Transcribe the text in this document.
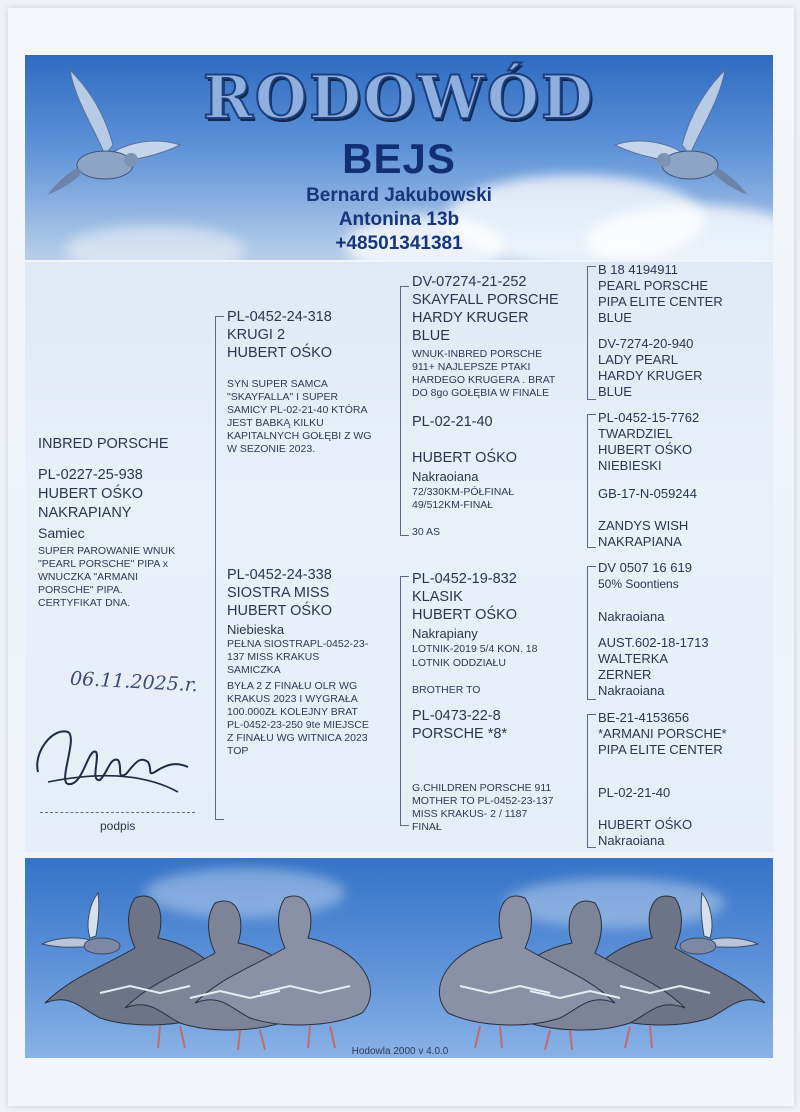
RODOWÓD
BEJS
Bernard Jakubowski
Antonina 13b
+48501341381
INBRED PORSCHE
PL-0227-25-938
HUBERT OŚKO
NAKRAPIANY
Samiec
SUPER PAROWANIE WNUK
"PEARL PORSCHE" PIPA x
WNUCZKA "ARMANI
PORSCHE" PIPA.
CERTYFIKAT DNA.
06.11.2025.r.
podpis
PL-0452-24-318
KRUGI 2
HUBERT OŚKO
SYN SUPER SAMCA
"SKAYFALLA" I SUPER
SAMICY PL-02-21-40 KTÓRA
JEST BABKĄ KILKU
KAPITALNYCH GOŁĘBI Z WG
W SEZONIE 2023.
PL-0452-24-338
SIOSTRA MISS
HUBERT OŚKO
Niebieska
PEŁNA SIOSTRAPL-0452-23-
137 MISS KRAKUS
SAMICZKA
BYŁA 2 Z FINAŁU OLR WG
KRAKUS 2023 I WYGRAŁA
100.000ZŁ KOLEJNY BRAT
PL-0452-23-250 9te MIEJSCE
Z FINAŁU WG WITNICA 2023
TOP
DV-07274-21-252
SKAYFALL PORSCHE
HARDY KRUGER
BLUE
WNUK-INBRED PORSCHE
911+ NAJLEPSZE PTAKI
HARDEGO KRUGERA . BRAT
DO 8go GOŁĘBIA W FINALE
PL-02-21-40
HUBERT OŚKO
Nakraoiana
72/330KM-PÓŁFINAŁ
49/512KM-FINAŁ
30 AS
PL-0452-19-832
KLASIK
HUBERT OŚKO
Nakrapiany
LOTNIK-2019 5/4 KON. 18
LOTNIK ODDZIAŁU
BROTHER TO
PL-0473-22-8
PORSCHE *8*
G.CHILDREN PORSCHE 911
MOTHER TO PL-0452-23-137
MISS KRAKUS- 2 / 1187
FINAŁ
B 18 4194911
PEARL PORSCHE
PIPA ELITE CENTER
BLUE
DV-7274-20-940
LADY PEARL
HARDY KRUGER
BLUE
PL-0452-15-7762
TWARDZIEL
HUBERT OŚKO
NIEBIESKI
GB-17-N-059244
ZANDYS WISH
NAKRAPIANA
DV 0507 16 619
50% Soontiens
Nakraoiana
AUST.602-18-1713
WALTERKA
ZERNER
Nakraoiana
BE-21-4153656
*ARMANI PORSCHE*
PIPA ELITE CENTER
PL-02-21-40
HUBERT OŚKO
Nakraoiana
Hodowla 2000 v 4.0.0
